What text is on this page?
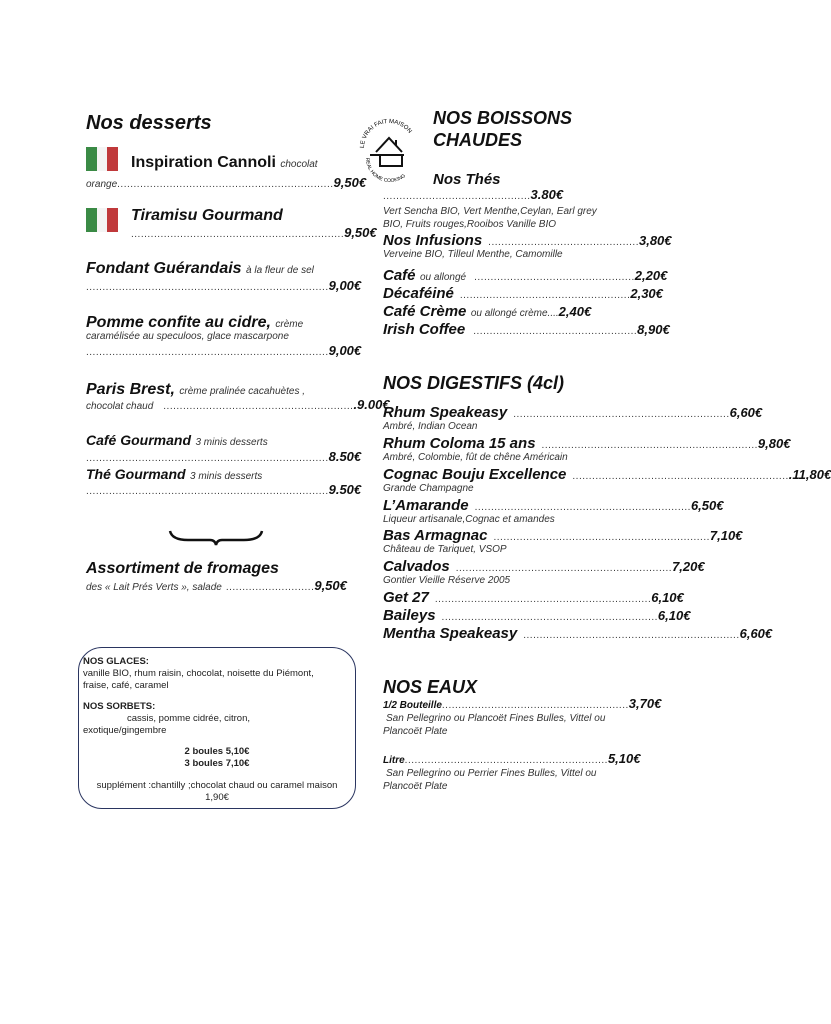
Nos desserts
Inspiration Cannoli chocolat
orange .................................................................. 9,50€
Tiramisu Gourmand
................................................................. 9,50€
Fondant Guérandais à la fleur de sel
.......................................................................... 9,00€
Pomme confite au cidre, crème
caramélisée au speculoos, glace mascarpone
.......................................................................... 9,00€
Paris Brest, crème pralinée cacahuètes ,
chocolat chaud .......................................................... .9.00€
Café Gourmand 3 minis desserts
.......................................................................... 8.50€
Thé Gourmand 3 minis desserts
.......................................................................... 9.50€
Assortiment de fromages
des « Lait Prés Verts », salade ........................... 9,50€
NOS GLACES:
vanille BIO, rhum raisin, chocolat, noisette du Piémont,
fraise, café, caramel
NOS SORBETS:
cassis, pomme cidrée, citron,
exotique/gingembre
2 boules 5,10€
3 boules 7,10€
supplément :chantilly ;chocolat chaud ou caramel maison
1,90€
LE VRAI FAIT MAISON
REAL HOME COOKING
NOS BOISSONS
CHAUDES
Nos Thés
............................................. 3.80€
Vert Sencha BIO, Vert Menthe,Ceylan, Earl grey
BIO, Fruits rouges,Rooibos Vanille BIO
Nos Infusions .............................................. 3,80€
Verveine BIO, Tilleul Menthe, Camomille
Café
ou allongé ................................................. 2,20€
Décaféiné .................................................... 2,30€
Café Crème
ou allongé crème.... 2,40€
Irish Coffee .................................................. 8,90€
NOS DIGESTIFS (4cl)
Rhum Speakeasy .................................................................. 6,60€
Ambré, Indian Ocean
Rhum Coloma 15 ans .................................................................. 9,80€
Ambré, Colombie, fût de chêne Américain
Cognac Bouju Excellence .................................................................. .11,80€
Grande Champagne
L’Amarande .................................................................. 6,50€
Liqueur artisanale,Cognac et amandes
Bas Armagnac .................................................................. 7,10€
Château de Tariquet, VSOP
Calvados .................................................................. 7,20€
Gontier Vieille Réserve 2005
Get 27 .................................................................. 6,10€
Baileys .................................................................. 6,10€
Mentha Speakeasy .................................................................. 6,60€
NOS EAUX
1/2 Bouteille ......................................................... 3,70€
San Pellegrino ou Plancoët Fines Bulles, Vittel ou
Plancoët Plate
Litre .............................................................. 5,10€
San Pellegrino ou Perrier Fines Bulles, Vittel ou
Plancoët Plate
